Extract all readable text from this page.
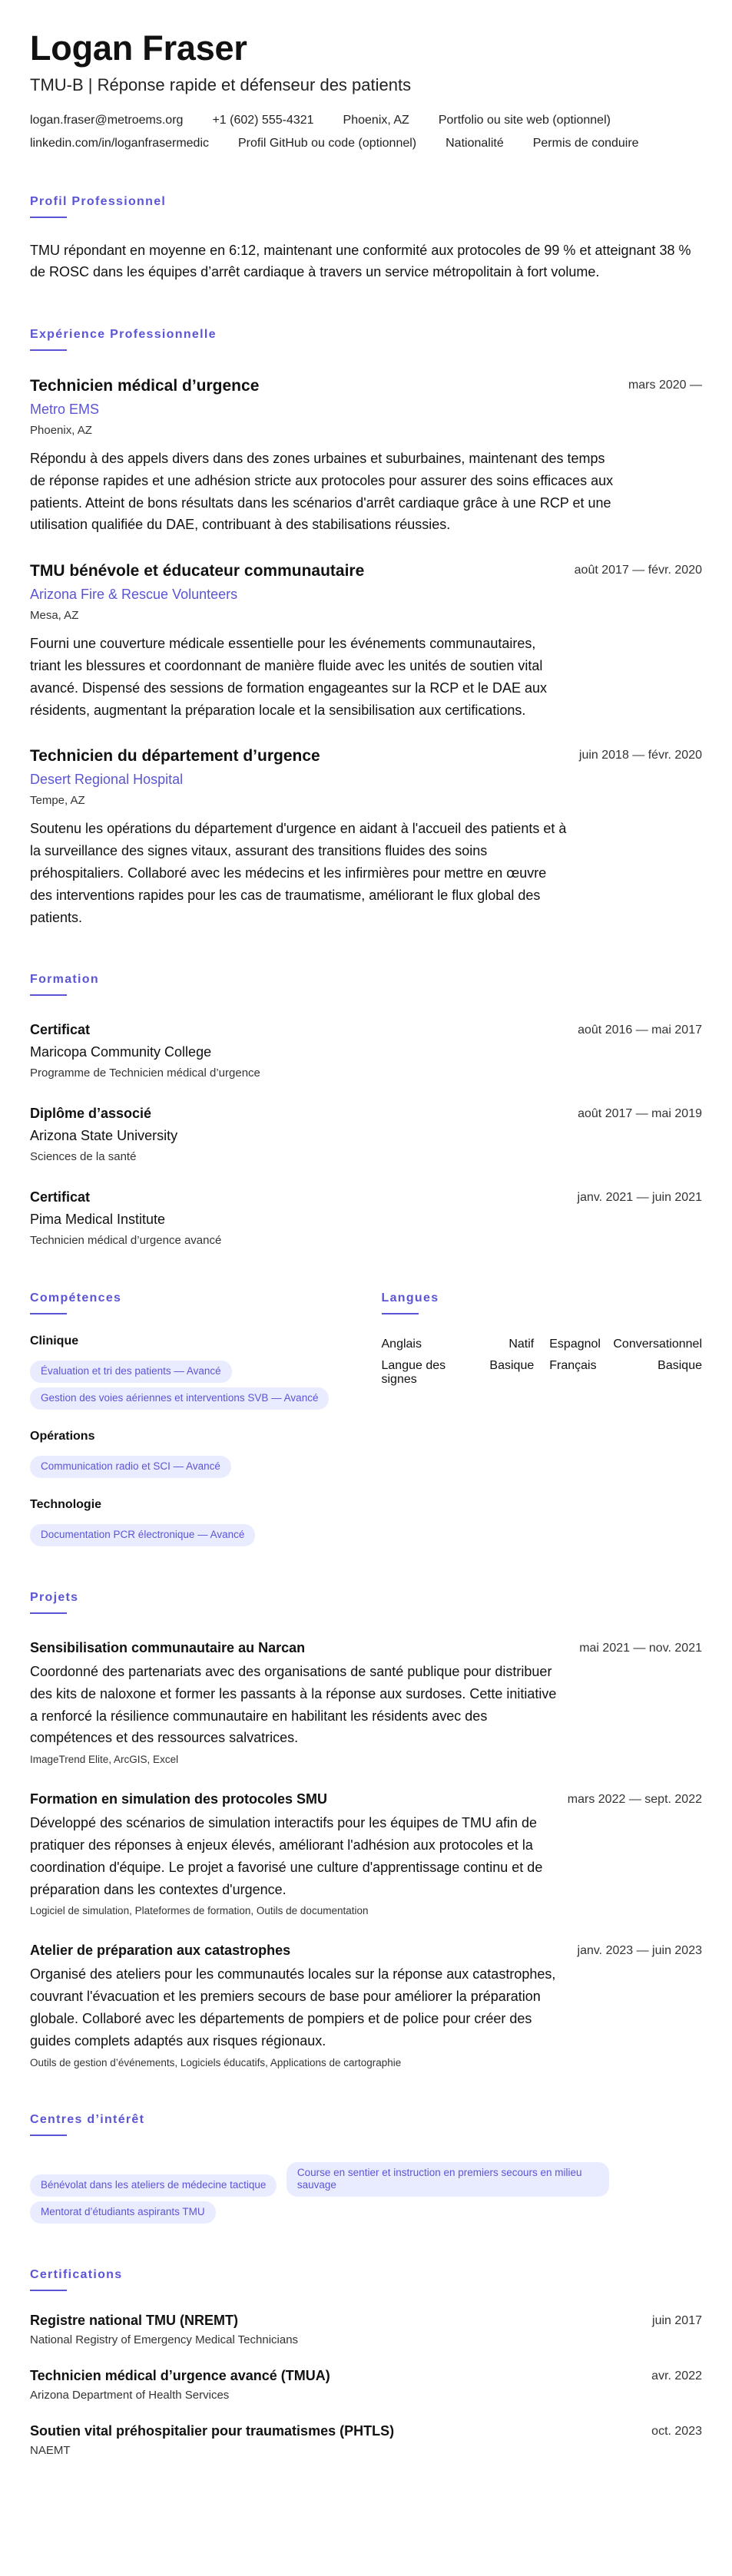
Logan Fraser
TMU-B | Réponse rapide et défenseur des patients
logan.fraser@metroems.org +1 (602) 555-4321 Phoenix, AZ Portfolio ou site web (optionnel)
linkedin.com/in/loganfrasermedic Profil GitHub ou code (optionnel) Nationalité Permis de conduire
Profil Professionnel
TMU répondant en moyenne en 6:12, maintenant une conformité aux protocoles de 99 % et atteignant 38 % de ROSC dans les équipes d’arrêt cardiaque à travers un service métropolitain à fort volume.
Expérience Professionnelle
Technicien médical d’urgence
Metro EMS
Phoenix, AZ
Répondu à des appels divers dans des zones urbaines et suburbaines, maintenant des temps de réponse rapides et une adhésion stricte aux protocoles pour assurer des soins efficaces aux patients. Atteint de bons résultats dans les scénarios d'arrêt cardiaque grâce à une RCP et une utilisation qualifiée du DAE, contribuant à des stabilisations réussies.
mars 2020 —
TMU bénévole et éducateur communautaire
Arizona Fire & Rescue Volunteers
Mesa, AZ
Fourni une couverture médicale essentielle pour les événements communautaires, triant les blessures et coordonnant de manière fluide avec les unités de soutien vital avancé. Dispensé des sessions de formation engageantes sur la RCP et le DAE aux résidents, augmentant la préparation locale et la sensibilisation aux certifications.
août 2017 — févr. 2020
Technicien du département d’urgence
Desert Regional Hospital
Tempe, AZ
Soutenu les opérations du département d'urgence en aidant à l'accueil des patients et à la surveillance des signes vitaux, assurant des transitions fluides des soins préhospitaliers. Collaboré avec les médecins et les infirmières pour mettre en œuvre des interventions rapides pour les cas de traumatisme, améliorant le flux global des patients.
juin 2018 — févr. 2020
Formation
Certificat
Maricopa Community College
Programme de Technicien médical d’urgence
août 2016 — mai 2017
Diplôme d’associé
Arizona State University
Sciences de la santé
août 2017 — mai 2019
Certificat
Pima Medical Institute
Technicien médical d’urgence avancé
janv. 2021 — juin 2021
Compétences
Clinique
Évaluation et tri des patients — Avancé Gestion des voies aériennes et interventions SVB — Avancé
Opérations
Communication radio et SCI — Avancé
Technologie
Documentation PCR électronique — Avancé
Langues
Anglais	Natif Espagnol Conversationnel
Langue des signes
Basique Français	Basique
Projets
Sensibilisation communautaire au Narcan
Coordonné des partenariats avec des organisations de santé publique pour distribuer des kits de naloxone et former les passants à la réponse aux surdoses. Cette initiative a renforcé la résilience communautaire en habilitant les résidents avec des compétences et des ressources salvatrices.
ImageTrend Elite, ArcGIS, Excel
mai 2021 — nov. 2021
Formation en simulation des protocoles SMU
Développé des scénarios de simulation interactifs pour les équipes de TMU afin de pratiquer des réponses à enjeux élevés, améliorant l'adhésion aux protocoles et la coordination d'équipe. Le projet a favorisé une culture d'apprentissage continu et de préparation dans les contextes d'urgence.
Logiciel de simulation, Plateformes de formation, Outils de documentation
mars 2022 — sept. 2022
Atelier de préparation aux catastrophes
Organisé des ateliers pour les communautés locales sur la réponse aux catastrophes, couvrant l'évacuation et les premiers secours de base pour améliorer la préparation globale. Collaboré avec les départements de pompiers et de police pour créer des guides complets adaptés aux risques régionaux.
Outils de gestion d’événements, Logiciels éducatifs, Applications de cartographie
janv. 2023 — juin 2023
Centres d’intérêt
Bénévolat dans les ateliers de médecine tactique Course en sentier et instruction en premiers secours en milieu sauvage Mentorat d’étudiants aspirants TMU
Certifications
Registre national TMU (NREMT)
National Registry of Emergency Medical Technicians
juin 2017
Technicien médical d’urgence avancé (TMUA)
Arizona Department of Health Services
avr. 2022
Soutien vital préhospitalier pour traumatismes (PHTLS)
NAEMT
oct. 2023
